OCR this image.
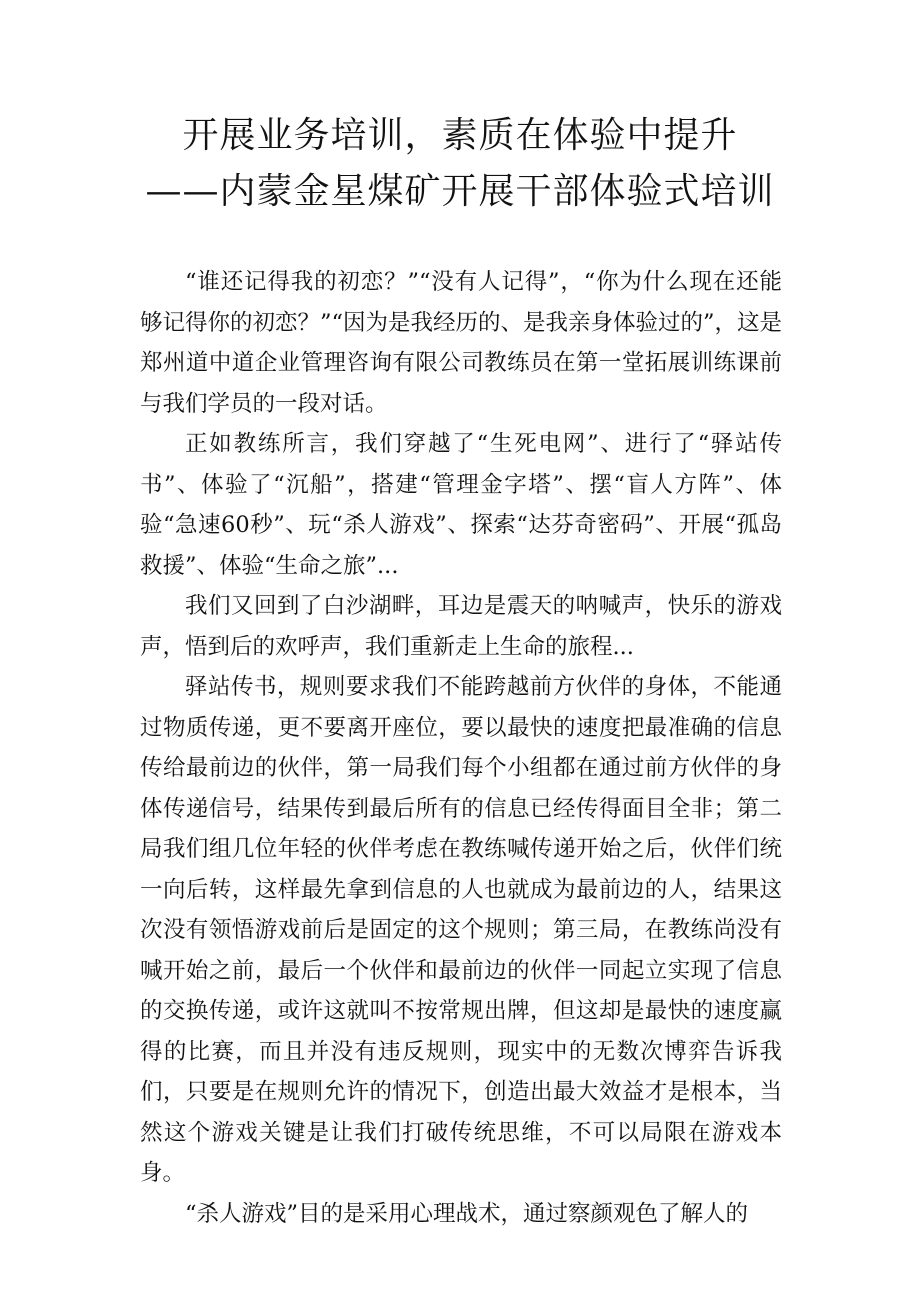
开展业务培训，素质在体验中提升
——内蒙金星煤矿开展干部体验式培训

“谁还记得我的初恋？”“没有人记得”，“你为什么现在还能够记得你的初恋？”“因为是我经历的、是我亲身体验过的”，这是郑州道中道企业管理咨询有限公司教练员在第一堂拓展训练课前与我们学员的一段对话。

正如教练所言，我们穿越了“生死电网”、进行了“驿站传书”、体验了“沉船”，搭建“管理金字塔”、摆“盲人方阵”、体验“急速60秒”、玩“杀人游戏”、探索“达芬奇密码”、开展“孤岛救援”、体验“生命之旅”...

我们又回到了白沙湖畔，耳边是震天的呐喊声，快乐的游戏声，悟到后的欢呼声，我们重新走上生命的旅程...

驿站传书，规则要求我们不能跨越前方伙伴的身体，不能通过物质传递，更不要离开座位，要以最快的速度把最准确的信息传给最前边的伙伴，第一局我们每个小组都在通过前方伙伴的身体传递信号，结果传到最后所有的信息已经传得面目全非；第二局我们组几位年轻的伙伴考虑在教练喊传递开始之后，伙伴们统一向后转，这样最先拿到信息的人也就成为最前边的人，结果这次没有领悟游戏前后是固定的这个规则；第三局，在教练尚没有喊开始之前，最后一个伙伴和最前边的伙伴一同起立实现了信息的交换传递，或许这就叫不按常规出牌，但这却是最快的速度赢得的比赛，而且并没有违反规则，现实中的无数次博弈告诉我们，只要是在规则允许的情况下，创造出最大效益才是根本，当然这个游戏关键是让我们打破传统思维，不可以局限在游戏本身。

“杀人游戏”目的是采用心理战术，通过察颜观色了解人的
